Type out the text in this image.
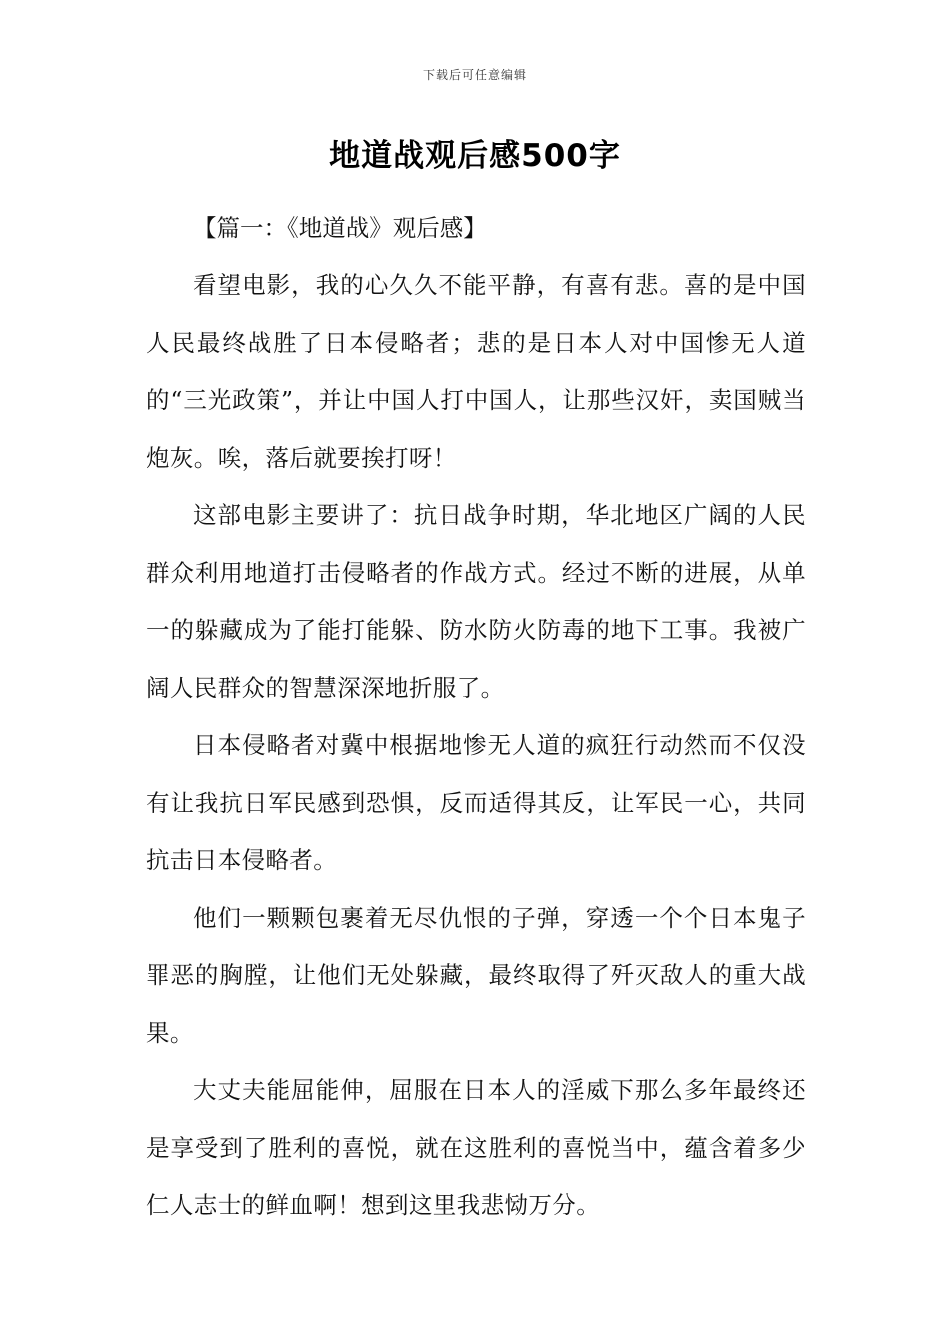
下载后可任意编辑
地道战观后感500字

【篇一：《地道战》观后感】

看望电影，我的心久久不能平静，有喜有悲。喜的是中国人民最终战胜了日本侵略者；悲的是日本人对中国惨无人道的“三光政策”，并让中国人打中国人，让那些汉奸，卖国贼当炮灰。唉，落后就要挨打呀！

这部电影主要讲了：抗日战争时期，华北地区广阔的人民群众利用地道打击侵略者的作战方式。经过不断的进展，从单一的躲藏成为了能打能躲、防水防火防毒的地下工事。我被广阔人民群众的智慧深深地折服了。

日本侵略者对冀中根据地惨无人道的疯狂行动然而不仅没有让我抗日军民感到恐惧，反而适得其反，让军民一心，共同抗击日本侵略者。

他们一颗颗包裹着无尽仇恨的子弹，穿透一个个日本鬼子罪恶的胸膛，让他们无处躲藏，最终取得了歼灭敌人的重大战果。

大丈夫能屈能伸，屈服在日本人的淫威下那么多年最终还是享受到了胜利的喜悦，就在这胜利的喜悦当中，蕴含着多少仁人志士的鲜血啊！想到这里我悲恸万分。
